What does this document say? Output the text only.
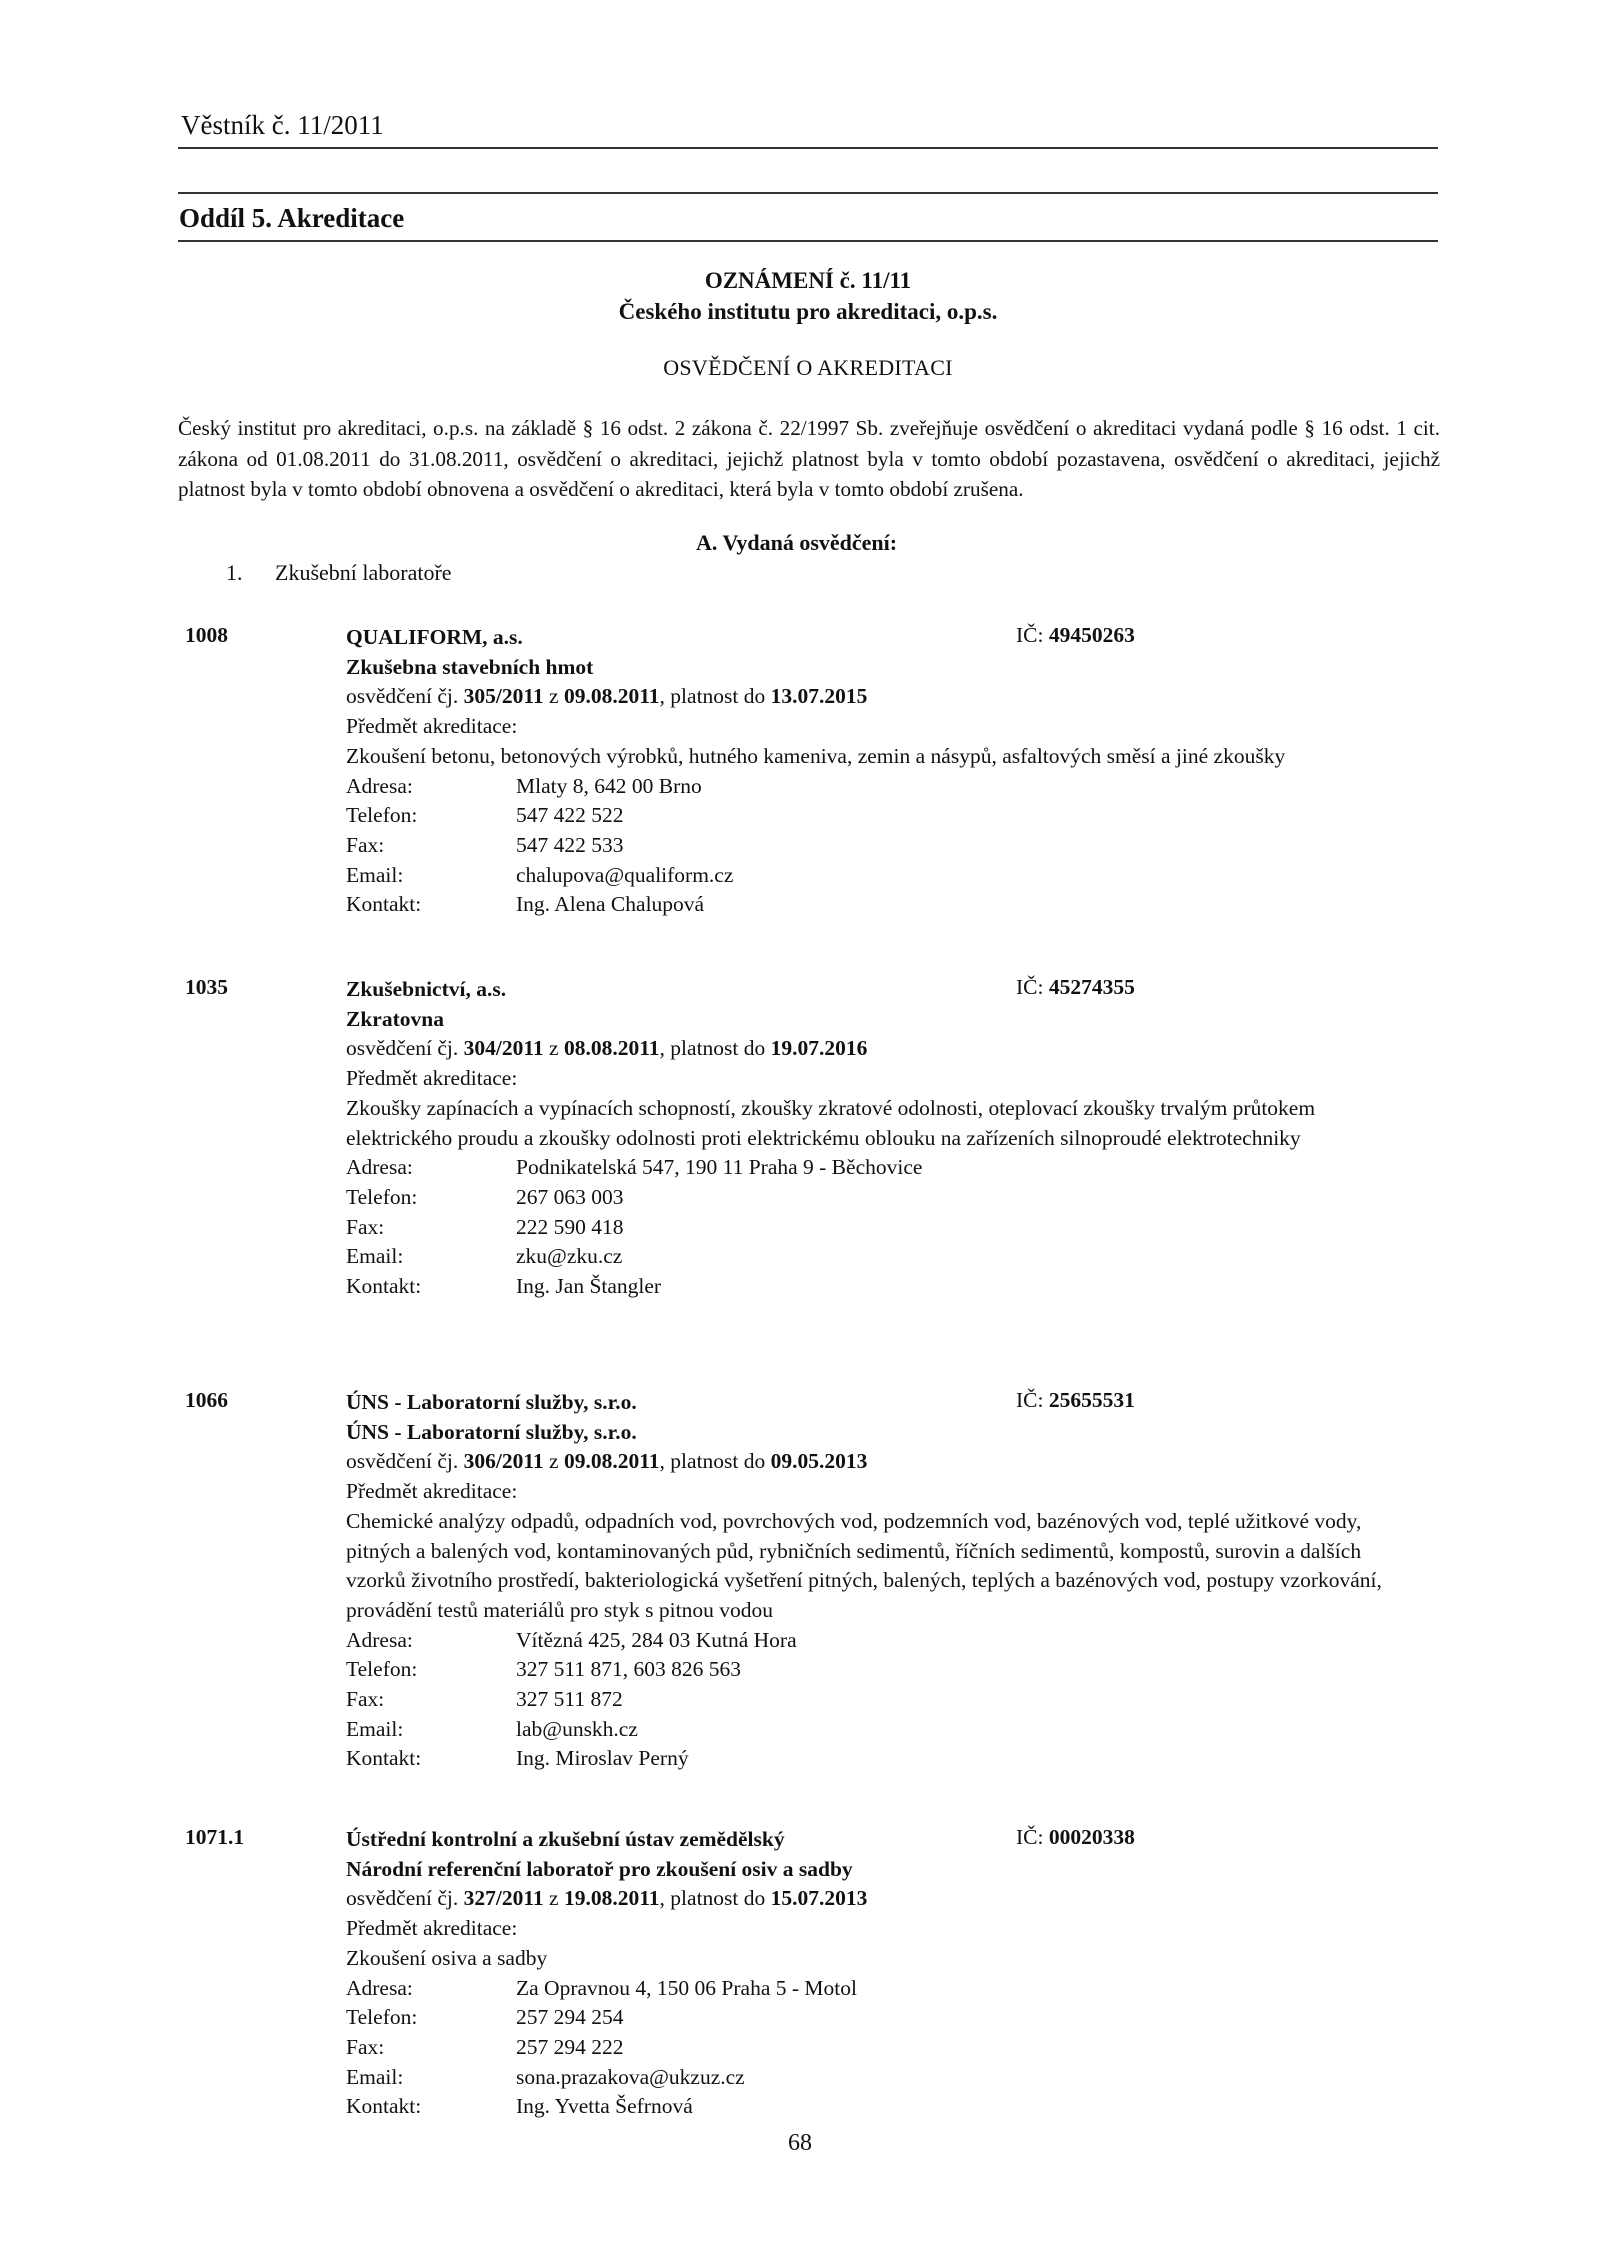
Věstník č. 11/2011
Oddíl 5. Akreditace
OZNÁMENÍ č. 11/11
Českého institutu pro akreditaci, o.p.s.
OSVĚDČENÍ O AKREDITACI
Český institut pro akreditaci, o.p.s. na základě § 16 odst. 2 zákona č. 22/1997 Sb. zveřejňuje osvědčení o akreditaci vydaná podle § 16 odst. 1 cit. zákona od 01.08.2011 do 31.08.2011, osvědčení o akreditaci, jejichž platnost byla v tomto období pozastavena, osvědčení o akreditaci, jejichž platnost byla v tomto období obnovena a osvědčení o akreditaci, která byla v tomto období zrušena.
A. Vydaná osvědčení:
1. Zkušební laboratoře
1008	IČ: 49450263
QUALIFORM, a.s.
Zkušebna stavebních hmot
osvědčení čj. 305/2011 z 09.08.2011, platnost do 13.07.2015
Předmět akreditace:
Zkoušení betonu, betonových výrobků, hutného kameniva, zemin a násypů, asfaltových směsí a jiné zkoušky
Adresa:	Mlaty 8, 642 00 Brno
Telefon:	547 422 522
Fax:	547 422 533
Email:	chalupova@qualiform.cz
Kontakt:	Ing. Alena Chalupová
1035	IČ: 45274355
Zkušebnictví, a.s.
Zkratovna
osvědčení čj. 304/2011 z 08.08.2011, platnost do 19.07.2016
Předmět akreditace:
Zkoušky zapínacích a vypínacích schopností, zkoušky zkratové odolnosti, oteplovací zkoušky trvalým průtokem elektrického proudu a zkoušky odolnosti proti elektrickému oblouku na zařízeních silnoproudé elektrotechniky
Adresa:	Podnikatelská 547, 190 11 Praha 9 - Běchovice
Telefon:	267 063 003
Fax:	222 590 418
Email:	zku@zku.cz
Kontakt:	Ing. Jan Štangler
1066	IČ: 25655531
ÚNS - Laboratorní služby, s.r.o.
ÚNS - Laboratorní služby, s.r.o.
osvědčení čj. 306/2011 z 09.08.2011, platnost do 09.05.2013
Předmět akreditace:
Chemické analýzy odpadů, odpadních vod, povrchových vod, podzemních vod, bazénových vod, teplé užitkové vody, pitných a balených vod, kontaminovaných půd, rybničních sedimentů, říčních sedimentů, kompostů, surovin a dalších vzorků životního prostředí, bakteriologická vyšetření pitných, balených, teplých a bazénových vod, postupy vzorkování, provádění testů materiálů pro styk s pitnou vodou
Adresa:	Vítězná 425, 284 03 Kutná Hora
Telefon:	327 511 871, 603 826 563
Fax:	327 511 872
Email:	lab@unskh.cz
Kontakt:	Ing. Miroslav Perný
1071.1	IČ: 00020338
Ústřední kontrolní a zkušební ústav zemědělský
Národní referenční laboratoř pro zkoušení osiv a sadby
osvědčení čj. 327/2011 z 19.08.2011, platnost do 15.07.2013
Předmět akreditace:
Zkoušení osiva a sadby
Adresa:	Za Opravnou 4, 150 06 Praha 5 - Motol
Telefon:	257 294 254
Fax:	257 294 222
Email:	sona.prazakova@ukzuz.cz
Kontakt:	Ing. Yvetta Šefrnová
68
